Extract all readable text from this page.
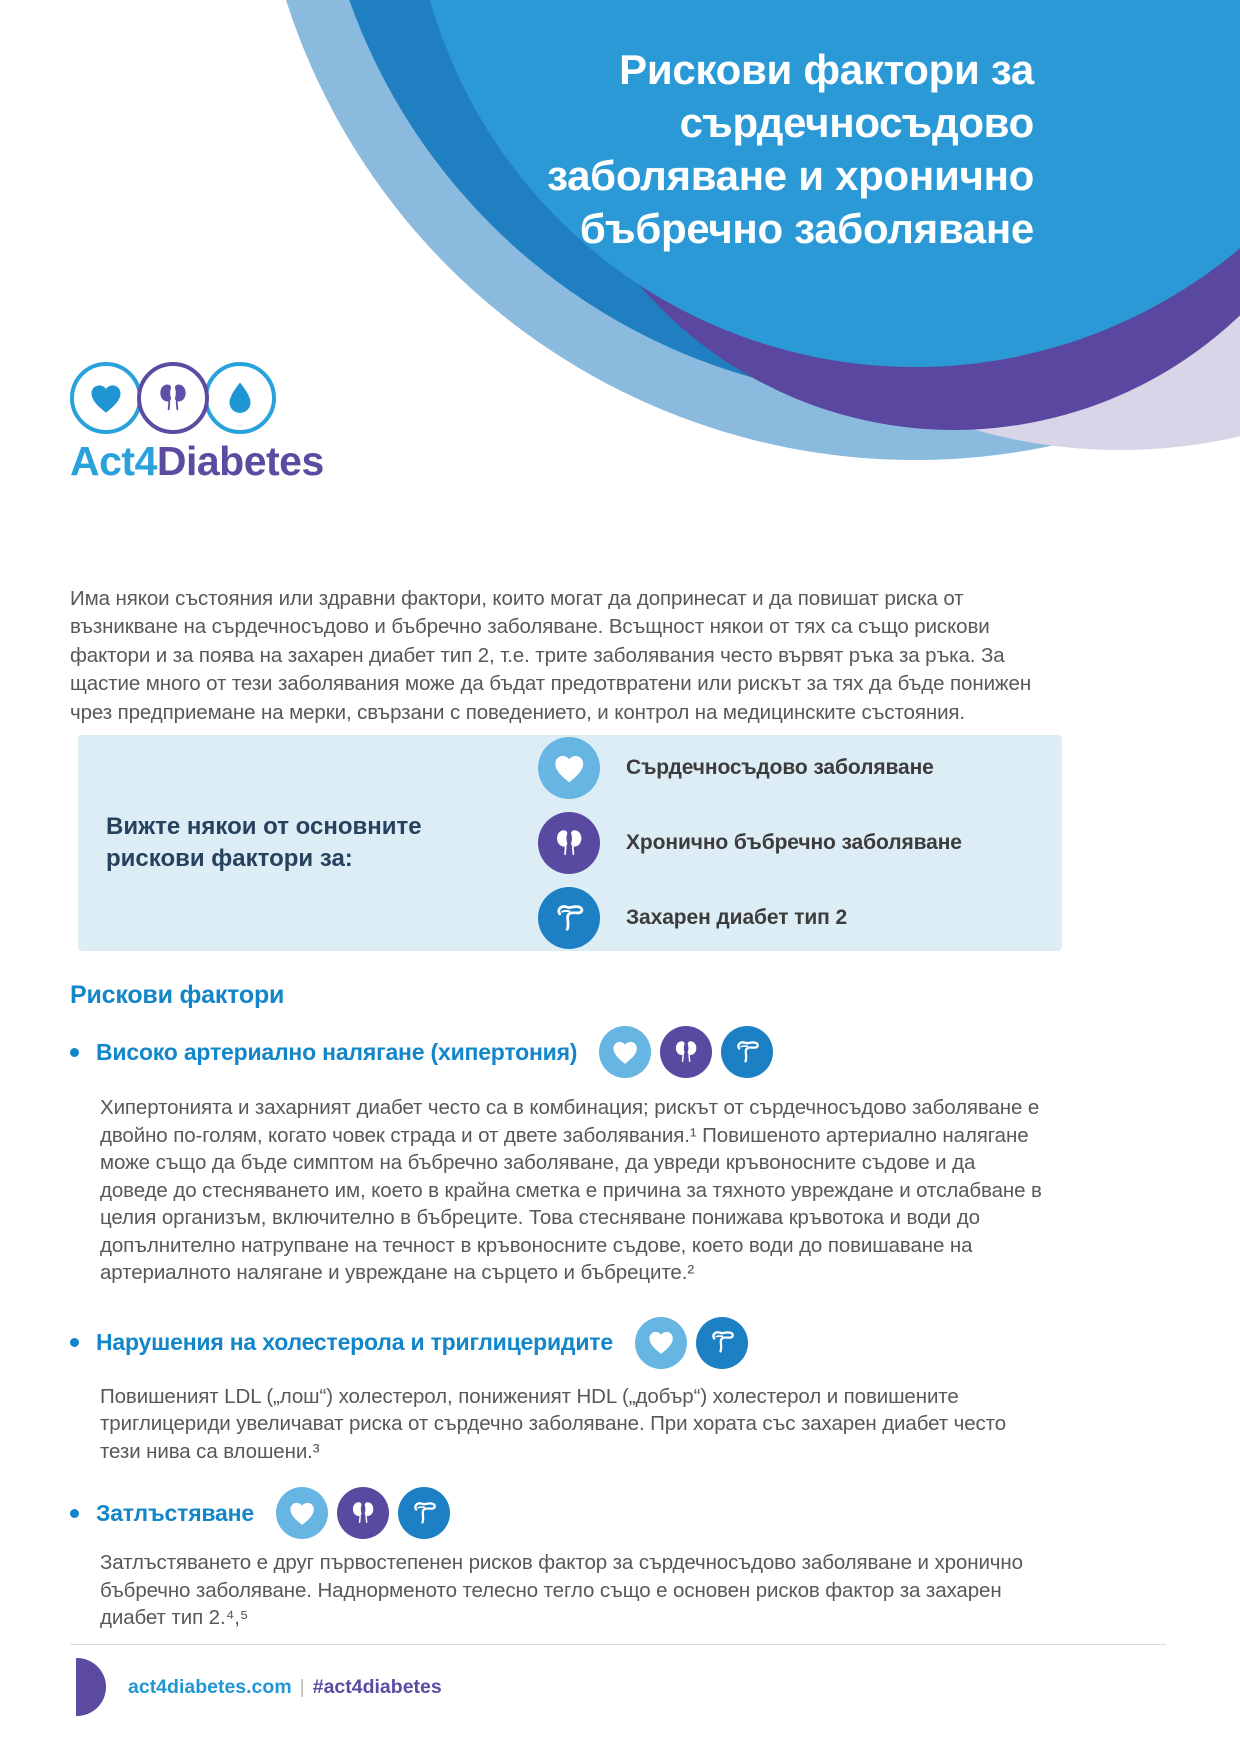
Рискови фактори за
сърдечносъдово
заболяване и хронично
бъбречно заболяване
Act4Diabetes

Има някои състояния или здравни фактори, които могат да допринесат и да повишат риска от възникване на сърдечносъдово и бъбречно заболяване. Всъщност някои от тях са също рискови фактори и за поява на захарен диабет тип 2, т.е. трите заболявания често вървят ръка за ръка. За щастие много от тези заболявания може да бъдат предотвратени или рискът за тях да бъде понижен чрез предприемане на мерки, свързани с поведението, и контрол на медицинските състояния.

Вижте някои от основните рискови фактори за:
Сърдечносъдово заболяване
Хронично бъбречно заболяване
Захарен диабет тип 2
Рискови фактори
Високо артериално налягане (хипертония)

Хипертонията и захарният диабет често са в комбинация; рискът от сърдечносъдово заболяване е двойно по-голям, когато човек страда и от двете заболявания.¹ Повишеното артериално налягане може също да бъде симптом на бъбречно заболяване, да увреди кръвоносните съдове и да доведе до стесняването им, което в крайна сметка е причина за тяхното увреждане и отслабване в целия организъм, включително в бъбреците. Това стесняване понижава кръвотока и води до допълнително натрупване на течност в кръвоносните съдове, което води до повишаване на артериалното налягане и увреждане на сърцето и бъбреците.²

Нарушения на холестерола и триглицеридите

Повишеният LDL („лош“) холестерол, пониженият HDL („добър“) холестерол и повишените триглицериди увеличават риска от сърдечно заболяване. При хората със захарен диабет често тези нива са влошени.³

Затлъстяване

Затлъстяването е друг първостепенен рисков фактор за сърдечносъдово заболяване и хронично бъбречно заболяване. Наднорменото телесно тегло също е основен рисков фактор за захарен диабет тип 2.⁴,⁵

act4diabetes.com | #act4diabetes
